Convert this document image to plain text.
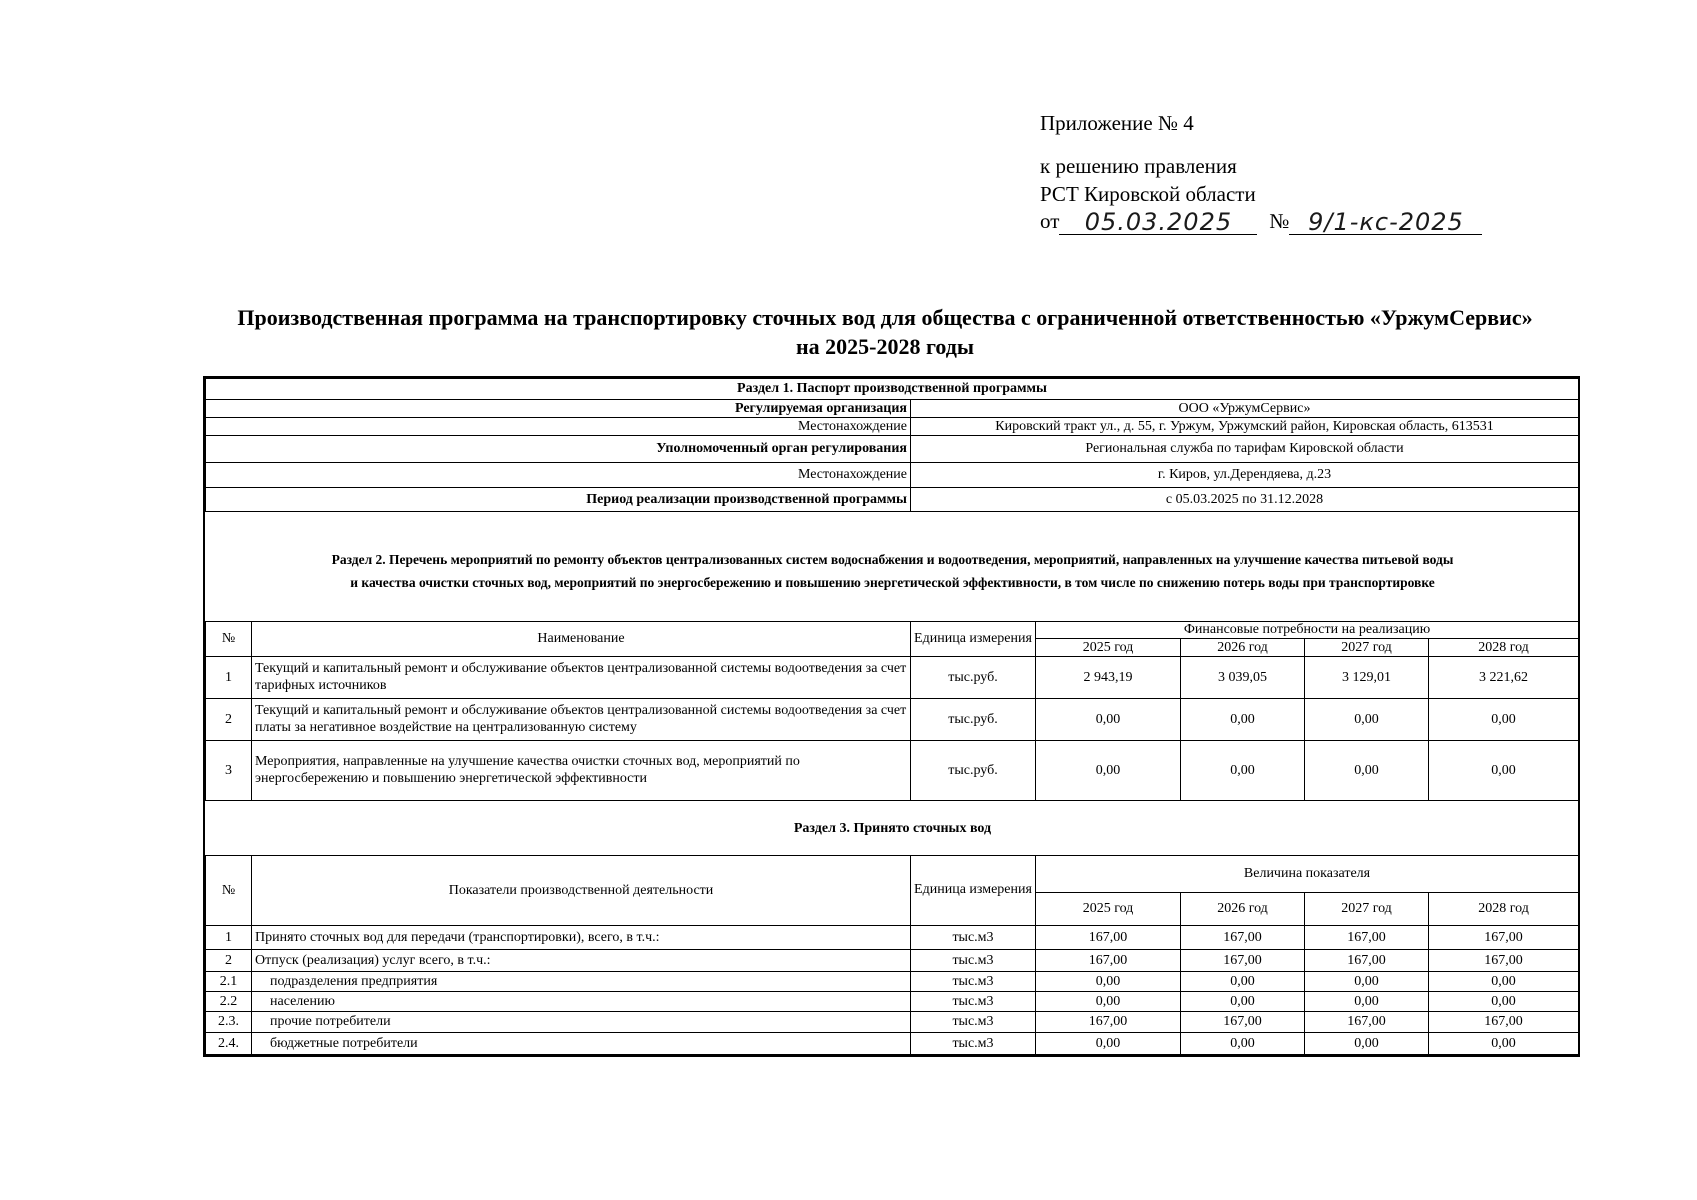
Приложение № 4
к решению правления
РСТ Кировской области
от	05.03.2025	№ 9/1-кс-2025
Производственная программа на транспортировку сточных вод для общества с ограниченной ответственностью «УржумСервис»
на 2025-2028 годы
Раздел 1. Паспорт производственной программы	
Регулируемая организация	ООО «УржумСервис»
Местонахождение	Кировский тракт ул., д. 55, г. Уржум, Уржумский район, Кировская область, 613531
Уполномоченный орган регулирования	Региональная служба по тарифам Кировской области
Местонахождение	г. Киров, ул.Дерендяева, д.23
Период реализации производственной программы	с 05.03.2025 по 31.12.2028
Раздел 2. Перечень мероприятий по ремонту объектов централизованных систем водоснабжения и водоотведения, мероприятий, направленных на улучшение качества питьевой воды
и качества очистки сточных вод, мероприятий по энергосбережению и повышению энергетической эффективности, в том числе по снижению потерь воды при транспортировке
№	Наименование	Единица измерения	Финансовые потребности на реализацию			
			2025 год	2026 год	2027 год	2028 год
1	Текущий и капитальный ремонт и обслуживание объектов централизованной системы водоотведения за счет тарифных источников	тыс.руб.	2 943,19	3 039,05	3 129,01	3 221,62
2	Текущий и капитальный ремонт и обслуживание объектов централизованной системы водоотведения за счет платы за негативное воздействие на централизованную систему	тыс.руб.	0,00	0,00	0,00	0,00
3	Мероприятия, направленные на улучшение качества очистки сточных вод, мероприятий по энергосбережению и повышению энергетической эффективности	тыс.руб.	0,00	0,00	0,00	0,00
Раздел 3. Принято сточных вод
№	Показатели производственной деятельности	Единица измерения	Величина показателя			
			2025 год	2026 год	2027 год	2028 год
1	Принято сточных вод для передачи (транспортировки), всего, в т.ч.:	тыс.м3	167,00	167,00	167,00	167,00
2	Отпуск (реализация) услуг всего, в т.ч.:	тыс.м3	167,00	167,00	167,00	167,00
2.1	подразделения предприятия	тыс.м3	0,00	0,00	0,00	0,00
2.2	населению	тыс.м3	0,00	0,00	0,00	0,00
2.3.	прочие потребители	тыс.м3	167,00	167,00	167,00	167,00
2.4.	бюджетные потребители	тыс.м3	0,00	0,00	0,00	0,00
